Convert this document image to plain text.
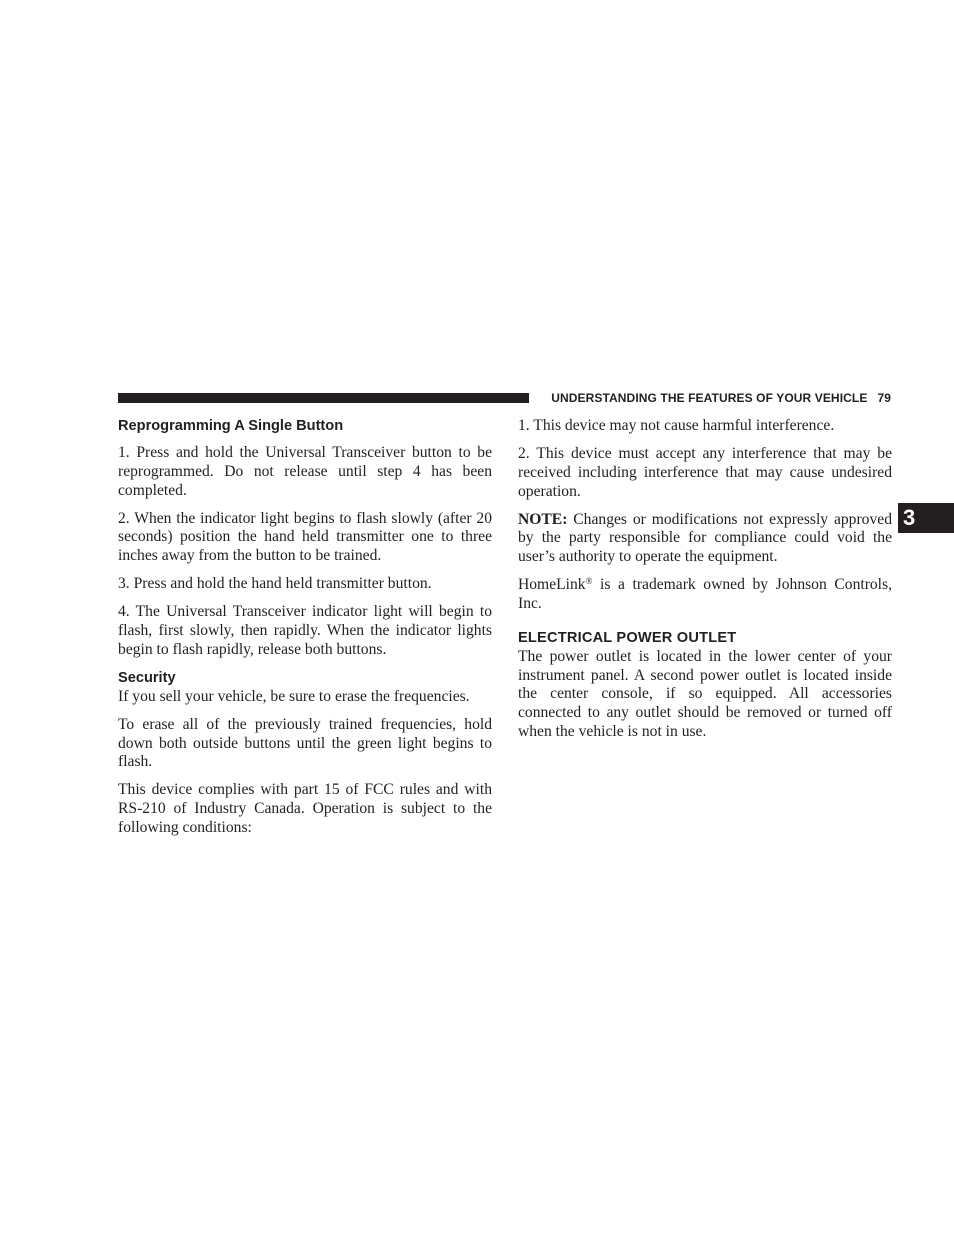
UNDERSTANDING THE FEATURES OF YOUR VEHICLE 79
3
Reprogramming A Single Button

1. Press and hold the Universal Transceiver button to be reprogrammed. Do not release until step 4 has been completed.

2. When the indicator light begins to flash slowly (after 20 seconds) position the hand held transmitter one to three inches away from the button to be trained.

3. Press and hold the hand held transmitter button.

4. The Universal Transceiver indicator light will begin to flash, first slowly, then rapidly. When the indicator lights begin to flash rapidly, release both buttons.

Security

If you sell your vehicle, be sure to erase the frequencies.

To erase all of the previously trained frequencies, hold down both outside buttons until the green light begins to flash.

This device complies with part 15 of FCC rules and with RS-210 of Industry Canada. Operation is subject to the following conditions:

1. This device may not cause harmful interference.

2. This device must accept any interference that may be received including interference that may cause undesired operation.

NOTE: Changes or modifications not expressly approved by the party responsible for compliance could void the user’s authority to operate the equipment.

HomeLink® is a trademark owned by Johnson Controls, Inc.

ELECTRICAL POWER OUTLET

The power outlet is located in the lower center of your instrument panel. A second power outlet is located inside the center console, if so equipped. All accessories connected to any outlet should be removed or turned off when the vehicle is not in use.
